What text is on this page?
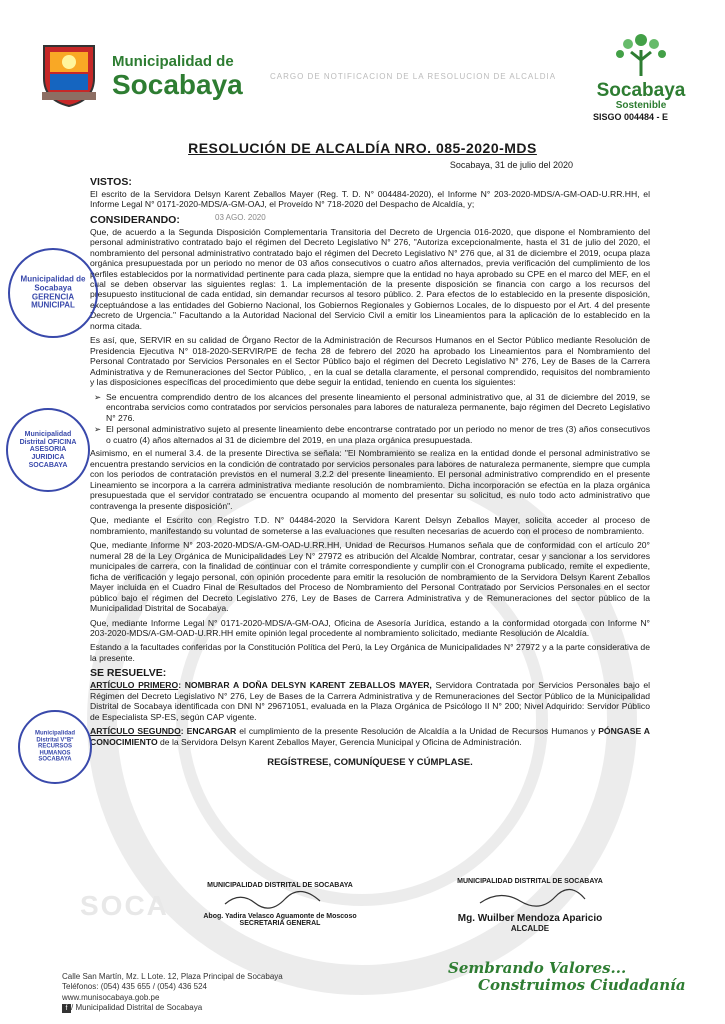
SOCA
Municipalidad de
Socabaya	CARGO DE NOTIFICACION DE LA RESOLUCION DE ALCALDIA
Socabaya
Sostenible
SISGO 004484 - E
RESOLUCIÓN DE ALCALDÍA NRO. 085-2020-MDS
Socabaya, 31 de julio del 2020
03 AGO. 2020
VISTOS:

El escrito de la Servidora Delsyn Karent Zeballos Mayer (Reg. T. D. N° 004484-2020), el Informe N° 203-2020-MDS/A-GM-OAD-U.RR.HH, el Informe Legal N° 0171-2020-MDS/A-GM-OAJ, el Proveído N° 718-2020 del Despacho de Alcaldía, y;

CONSIDERANDO:

Que, de acuerdo a la Segunda Disposición Complementaria Transitoria del Decreto de Urgencia 016-2020, que dispone el Nombramiento del personal administrativo contratado bajo el régimen del Decreto Legislativo N° 276, "Autoriza excepcionalmente, hasta el 31 de julio del 2020, el nombramiento del personal administrativo contratado bajo el régimen del Decreto Legislativo N° 276 que, al 31 de diciembre el 2019, ocupa plaza orgánica presupuestada por un periodo no menor de 03 años consecutivos o cuatro años alternados, previa verificación del cumplimiento de los perfiles establecidos por la normatividad pertinente para cada plaza, siempre que la entidad no haya aprobado su CPE en el marco del MEF, en el cual se deben observar las siguientes reglas: 1. La implementación de la presente disposición se financia con cargo a los recursos del presupuesto institucional de cada entidad, sin demandar recursos al tesoro público. 2. Para efectos de lo establecido en la presente disposición, exceptuándose a las entidades del Gobierno Nacional, los Gobiernos Regionales y Gobiernos Locales, de lo dispuesto por el Art. 4 del presente Decreto de Urgencia." Facultando a la Autoridad Nacional del Servicio Civil a emitir los Lineamientos para la aplicación de lo establecido en la norma citada.

Es así, que, SERVIR en su calidad de Órgano Rector de la Administración de Recursos Humanos en el Sector Público mediante Resolución de Presidencia Ejecutiva N° 018-2020-SERVIR/PE de fecha 28 de febrero del 2020 ha aprobado los Lineamientos para el Nombramiento del Personal Contratado por Servicios Personales en el Sector Público bajo el régimen del Decreto Legislativo N° 276, Ley de Bases de la Carrera Administrativa y de Remuneraciones del Sector Público, , en la cual se detalla claramente, el personal comprendido, requisitos del nombramiento y las disposiciones específicas del procedimiento que debe seguir la entidad, teniendo en cuenta los siguientes:

➢ Se encuentra comprendido dentro de los alcances del presente lineamiento el personal administrativo que, al 31 de diciembre del 2019, se encontraba servicios como contratados por servicios personales para labores de naturaleza permanente, bajo régimen del Decreto Legislativo N° 276.
➢ El personal administrativo sujeto al presente lineamiento debe encontrarse contratado por un periodo no menor de tres (3) años consecutivos o cuatro (4) años alternados al 31 de diciembre del 2019, en una plaza orgánica presupuestada.

Asimismo, en el numeral 3.4. de la presente Directiva se señala: "El Nombramiento se realiza en la entidad donde el personal administrativo se encuentra prestando servicios en la condición de contratado por servicios personales para labores de naturaleza permanente, siempre que cumpla con los periodos de contratación previstos en el numeral 3.2.2 del presente lineamiento. El personal administrativo comprendido en el presente Lineamiento se incorpora a la carrera administrativa mediante resolución de nombramiento. Dicha incorporación se efectúa en la plaza orgánica presupuestada que el servidor contratado se encuentra ocupando al momento del presentar su solicitud, es nulo todo acto administrativo que contravenga la presente disposición".

Que, mediante el Escrito con Registro T.D. N° 04484-2020 la Servidora Karent Delsyn Zeballos Mayer, solicita acceder al proceso de nombramiento, manifestando su voluntad de someterse a las evaluaciones que resulten necesarias de acuerdo con el proceso de nombramiento.

Que, mediante Informe N° 203-2020-MDS/A-GM-OAD-U.RR.HH, Unidad de Recursos Humanos señala que de conformidad con el artículo 20° numeral 28 de la Ley Orgánica de Municipalidades Ley N° 27972 es atribución del Alcalde Nombrar, contratar, cesar y sancionar a los servidores municipales de carrera, con la finalidad de continuar con el trámite correspondiente y cumplir con el Cronograma publicado, remite el expediente, ficha de verificación y legajo personal, con opinión procedente para emitir la resolución de nombramiento de la Servidora Delsyn Karent Zeballos Mayer incluida en el Cuadro Final de Resultados del Proceso de Nombramiento del Personal Contratado por Servicios Personales en el sector público bajo el régimen del Decreto Legislativo 276, Ley de Bases de Carrera Administrativa y de Remuneraciones del sector público de la Municipalidad Distrital de Socabaya.

Que, mediante Informe Legal N° 0171-2020-MDS/A-GM-OAJ, Oficina de Asesoría Jurídica, estando a la conformidad otorgada con Informe N° 203-2020-MDS/A-GM-OAD-U.RR.HH emite opinión legal procedente al nombramiento solicitado, mediante Resolución de Alcaldía.

Estando a la facultades conferidas por la Constitución Política del Perú, la Ley Orgánica de Municipalidades N° 27972 y a la parte considerativa de la presente.

SE RESUELVE:

ARTÍCULO PRIMERO: NOMBRAR A DOÑA DELSYN KARENT ZEBALLOS MAYER, Servidora Contratada por Servicios Personales bajo el Régimen del Decreto Legislativo N° 276, Ley de Bases de la Carrera Administrativa y de Remuneraciones del Sector Público de la Municipalidad Distrital de Socabaya identificada con DNI N° 29671051, evaluada en la Plaza Orgánica de Psicólogo II N° 200; Nivel Adquirido: Servidor Público de Especialista SP-ES, según CAP vigente.

ARTÍCULO SEGUNDO: ENCARGAR el cumplimiento de la presente Resolución de Alcaldía a la Unidad de Recursos Humanos y PÓNGASE A CONOCIMIENTO de la Servidora Delsyn Karent Zeballos Mayer, Gerencia Municipal y Oficina de Administración.

REGÍSTRESE, COMUNÍQUESE Y CÚMPLASE.
Municipalidad de Socabaya GERENCIA MUNICIPAL
Municipalidad Distrital OFICINA ASESORIA JURIDICA SOCABAYA
Municipalidad Distrital V°B° RECURSOS HUMANOS SOCABAYA
MUNICIPALIDAD DISTRITAL DE SOCABAYA
Abog. Yadira Velasco Aguamonte de Moscoso
SECRETARIA GENERAL
MUNICIPALIDAD DISTRITAL DE SOCABAYA
Mg. Wuilber Mendoza Aparicio
ALCALDE
Calle San Martín, Mz. L Lote. 12, Plaza Principal de Socabaya
Teléfonos: (054) 435 655 / (054) 436 524
www.munisocabaya.gob.pe
f / Municipalidad Distrital de Socabaya
Sembrando Valores...
Construimos Ciudadanía
